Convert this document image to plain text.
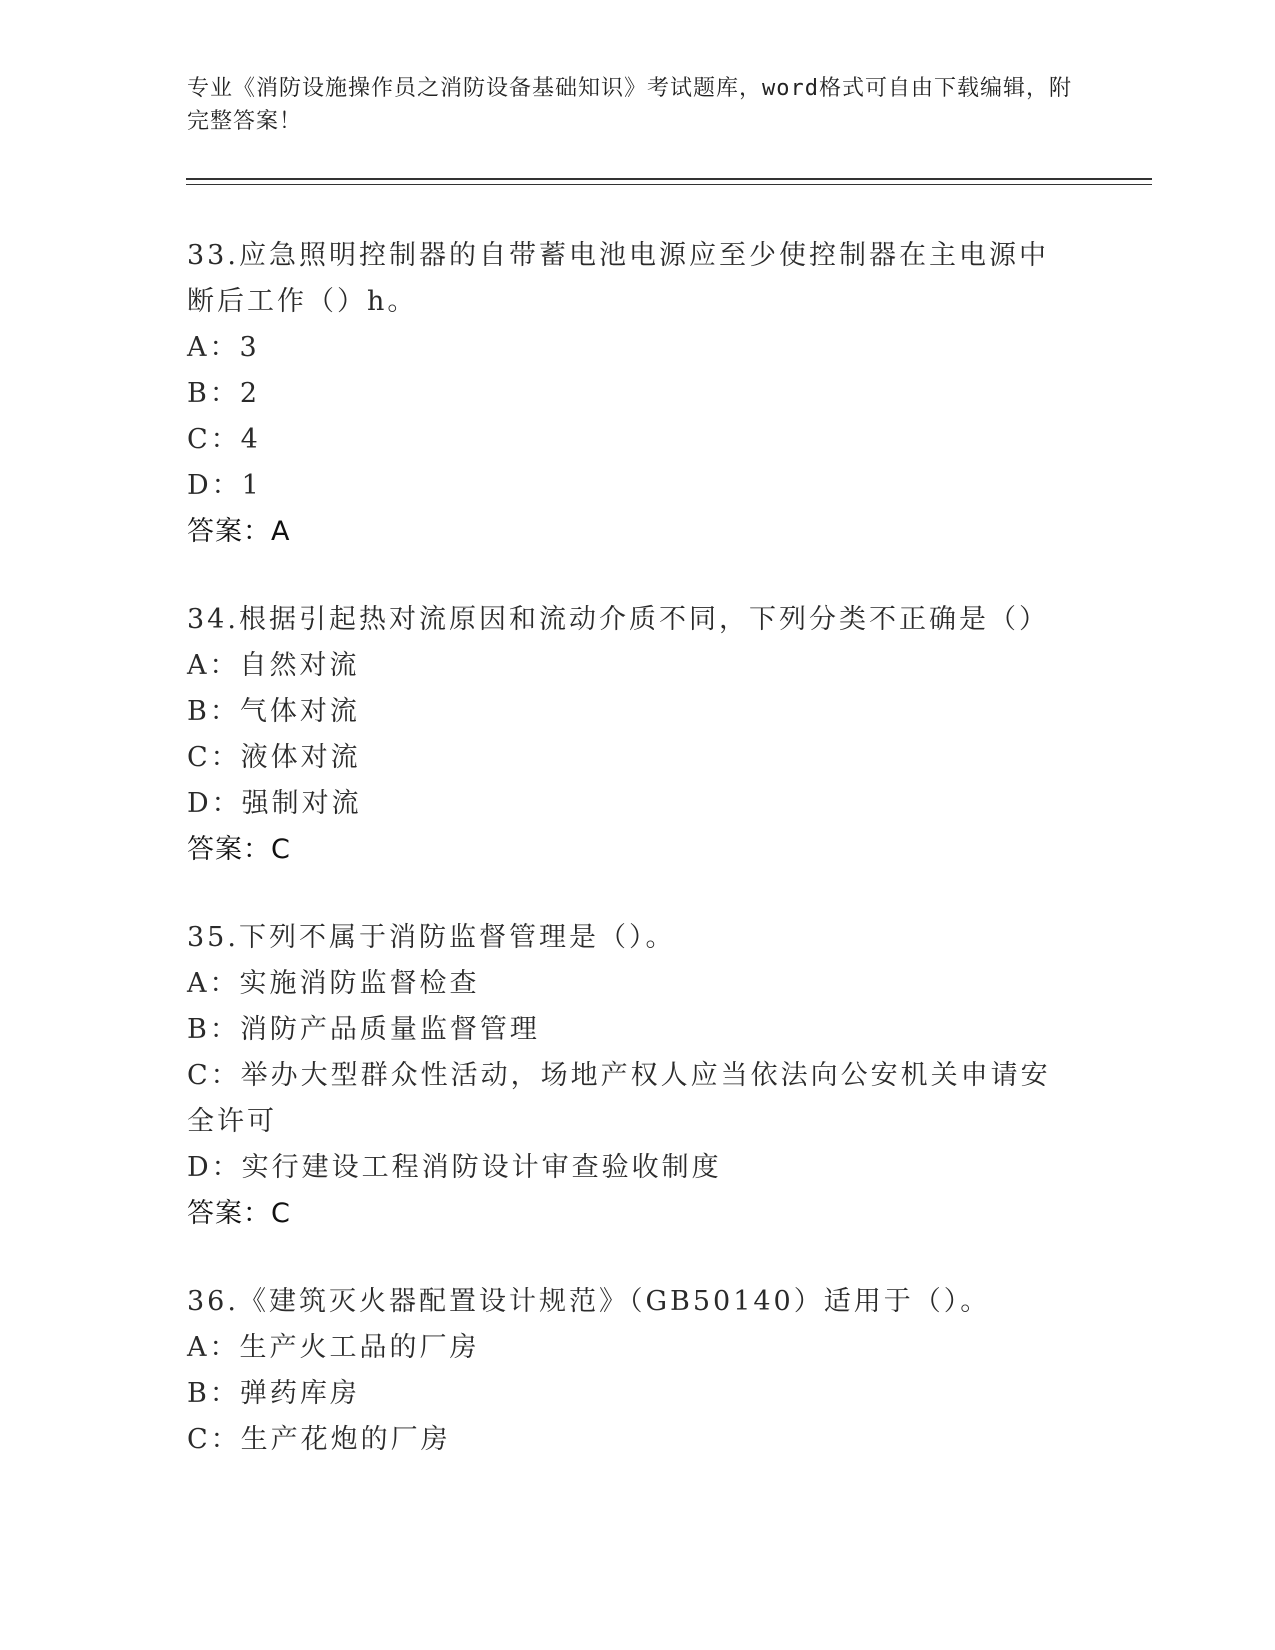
专业《消防设施操作员之消防设备基础知识》考试题库，word格式可自由下载编辑，附完整答案！
33.应急照明控制器的自带蓄电池电源应至少使控制器在主电源中断后工作（）h。
A：3
B：2
C：4
D：1
答案：A
34.根据引起热对流原因和流动介质不同，下列分类不正确是（）
A：自然对流
B：气体对流
C：液体对流
D：强制对流
答案：C
35.下列不属于消防监督管理是（）。
A：实施消防监督检查
B：消防产品质量监督管理
C：举办大型群众性活动，场地产权人应当依法向公安机关申请安全许可
D：实行建设工程消防设计审查验收制度
答案：C
36.《建筑灭火器配置设计规范》（GB50140）适用于（）。
A：生产火工品的厂房
B：弹药库房
C：生产花炮的厂房
